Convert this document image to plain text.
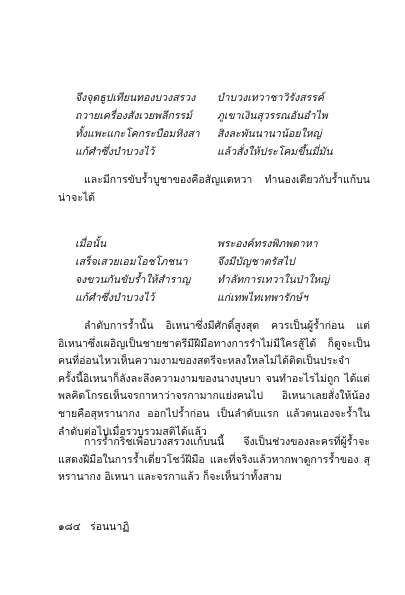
จึงจุดธูปเทียนทองบวงสรวง	บำบวงเทวาชาวิรังสรรค์
ถวายเครื่องสังเวยพลีกรรม์	ภูเขาเงินสุวรรณอันอำไพ
ทั้งแพะแกะโคกระบือมหิงสา	สิงละพันนานาน้อยใหญ่
แก้ศำซึ่งบำบวงไว้	แล้วสั่งให้ประโคมขึ้นมี่มัน

และมีการขับร้ำบูชาของคือสัญแดหวา ทำนองเดียวกับร้ำแก้บนน่าจะได้

เมื่อนั้น	พระองค์ทรงพิภพดาหา
เสร็จเสวยเอมโอชโภชนา	จึงมีบัญชาตรัสไป
จงขวนกันขับร้ำให้สำราญ	ทำลัทการเทวาในป่าใหญ่
แก้ศำซึ่งบำบวงไว้	แก่เทพไทเทพารักษ์ฯ

ลำดับการร้ำนั้น อิเหนาซึ่งมีศักดิ์สูงสุด ควรเป็นผู้ร้ำก่อน แต่อิเหนาซึ่งเผอิญเป็นชายชาตรีมีฝีมือทางการรำไม่มีใครสู้ได้ ก็ดูจะเป็นคนที่อ่อนไหวเห็นความงามของสตรีจะหลงใหลไม่ได้ติดเป็นประจำ ครั้งนี้อิเหนาก็ลังละลึงความงามของนางบุษบา จนทำอะไรไม่ถูก ได้แต่พลคิดโกรธเห็นจรกาหาว่าจรกามากแย่งคนไป อิเหนาเลยสั่งให้น้องชายคือสุหรานากง ออกไปร้ำก่อน เป็นลำดับแรก แล้วตนเองจะร้ำในลำดับต่อไปเมื่อรวบรวมสติได้แล้ว

การร้ำกริชเพื่อบวงสรวงแก้บนนี้ จึงเป็นช่วงของละครที่ผู้ร้ำจะแสดงฝีมือในการร้ำเดี่ยวโชว์ฝีมือ และที่จริงแล้วหากพาดูการร้ำของ สุหรานากง อิเหนา และจรกาแล้ว ก็จะเห็นว่าทั้งสาม

๑๘๔ ร่อนนาฏิ
